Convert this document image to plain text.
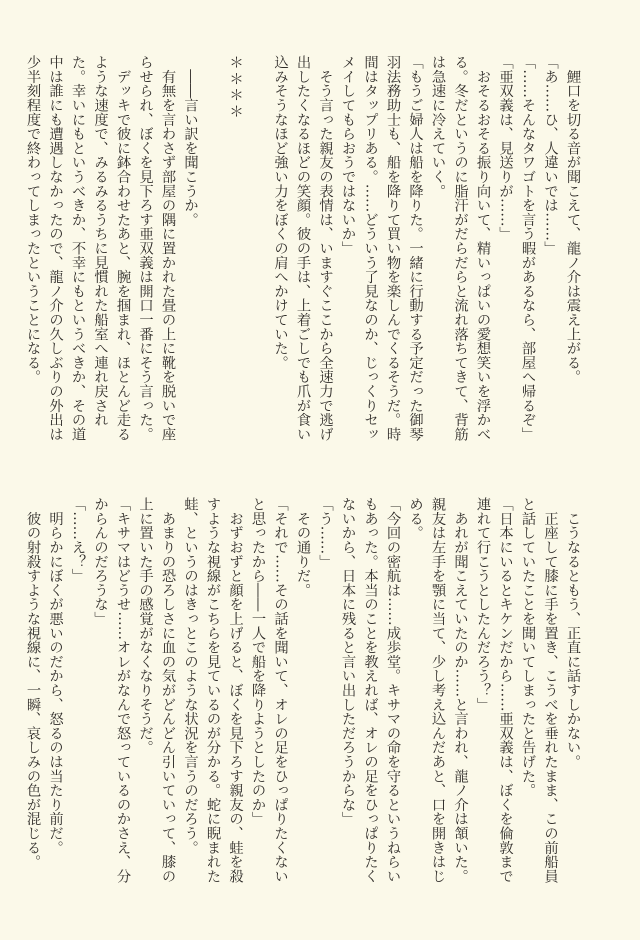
　鯉口を切る音が聞こえて、龍ノ介は震え上がる。
「あ……ひ、人違いでは……」
「……そんなタワゴトを言う暇があるなら、部屋へ帰るぞ」
「亜双義は、見送りが……」
　おそるおそる振り向いて、精いっぱいの愛想笑いを浮かべ
る。冬だというのに脂汗がだらだらと流れ落ちてきて、背筋
は急速に冷えていく。
「もうご婦人は船を降りた。一緒に行動する予定だった御琴
羽法務助士も、船を降りて買い物を楽しんでくるそうだ。時
間はタップリある。……どういう了見なのか、じっくりセッ
メイしてもらおうではないか」
　そう言った親友の表情は、いますぐここから全速力で逃げ
出したくなるほどの笑顔。彼の手は、上着ごしでも爪が食い
込みそうなほど強い力をぼくの肩へかけていた。
＊＊＊＊
　――言い訳を聞こうか。
　有無を言わさず部屋の隅に置かれた畳の上に靴を脱いで座
らせられ、ぼくを見下ろす亜双義は開口一番にそう言った。
　デッキで彼に鉢合わせたあと、腕を掴まれ、ほとんど走る
ような速度で、みるみるうちに見慣れた船室へ連れ戻され
た。幸いにもというべきか、不幸にもというべきか、その道
中は誰にも遭遇しなかったので、龍ノ介の久しぶりの外出は
少半刻程度で終わってしまったということになる。
　こうなるともう、正直に話すしかない。
　正座して膝に手を置き、こうべを垂れたまま、この前船員
と話していたことを聞いてしまったと告げた。
「日本にいるとキケンだから……亜双義は、ぼくを倫敦まで
連れて行こうとしたんだろう？」
　あれが聞こえていたのか……と言われ、龍ノ介は頷いた。
親友は左手を顎に当て、少し考え込んだあと、口を開きはじ
める。
「今回の密航は……成歩堂。キサマの命を守るというねらい
もあった。本当のことを教えれば、オレの足をひっぱりたく
ないから、日本に残ると言い出しただろうからな」
「う……」
　その通りだ。
「それで……その話を聞いて、オレの足をひっぱりたくない
と思ったから――一人で船を降りようとしたのか」
　おずおずと顔を上げると、ぼくを見下ろす親友の、蛙を殺
すような視線がこちらを見ているのが分かる。蛇に睨まれた
蛙、というのはきっとこのような状況を言うのだろう。
　あまりの恐ろしさに血の気がどんどん引いていって、膝の
上に置いた手の感覚がなくなりそうだ。
「キサマはどうせ……オレがなんで怒っているのかさえ、分
からんのだろうな」
「……え？」
　明らかにぼくが悪いのだから、怒るのは当たり前だ。
　彼の射殺すような視線に、一瞬、哀しみの色が混じる。
